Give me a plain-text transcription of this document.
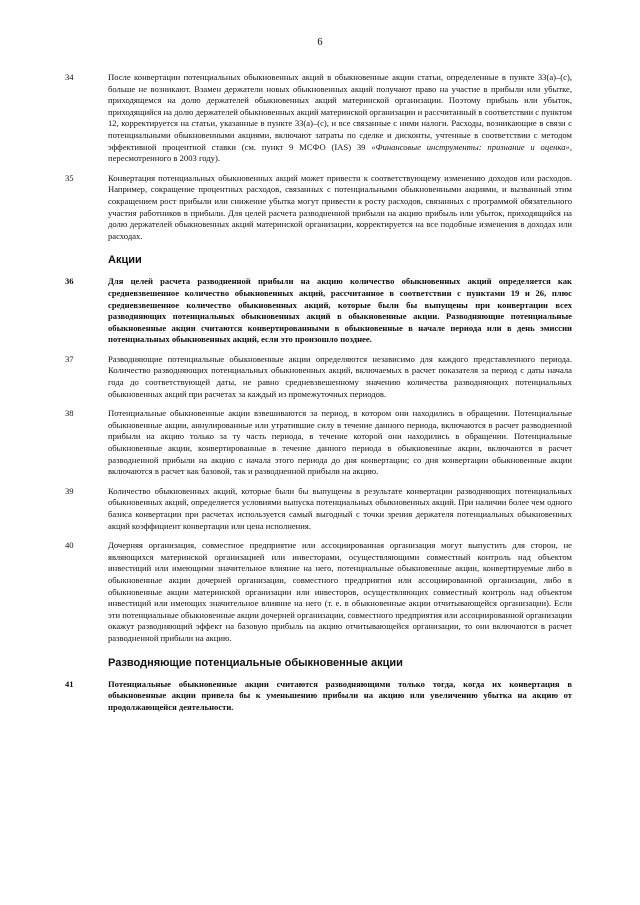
6
34	После конвертации потенциальных обыкновенных акций в обыкновенные акции статьи, определенные в пункте 33(а)–(с), больше не возникают. Взамен держатели новых обыкновенных акций получают право на участие в прибыли или убытке, приходящемся на долю держателей обыкновенных акций материнской организации. Поэтому прибыль или убыток, приходящийся на долю держателей обыкновенных акций материнской организации и рассчитанный в соответствии с пунктом 12, корректируется на статьи, указанные в пункте 33(а)–(с), и все связанные с ними налоги. Расходы, возникающие в связи с потенциальными обыкновенными акциями, включают затраты по сделке и дисконты, учтенные в соответствии с методом эффективной процентной ставки (см. пункт 9 МСФО (IAS) 39 «Финансовые инструменты: признание и оценка», пересмотренного в 2003 году).
35	Конвертация потенциальных обыкновенных акций может привести к соответствующему изменению доходов или расходов. Например, сокращение процентных расходов, связанных с потенциальными обыкновенными акциями, и вызванный этим сокращением рост прибыли или снижение убытка могут привести к росту расходов, связанных с программой обязательного участия работников в прибыли. Для целей расчета разводненной прибыли на акцию прибыль или убыток, приходящийся на долю держателей обыкновенных акций материнской организации, корректируется на все подобные изменения в доходах или расходах.
Акции
36	Для целей расчета разводненной прибыли на акцию количество обыкновенных акций определяется как средневзвешенное количество обыкновенных акций, рассчитанное в соответствии с пунктами 19 и 26, плюс средневзвешенное количество обыкновенных акций, которые были бы выпущены при конвертации всех разводняющих потенциальных обыкновенных акций в обыкновенные акции. Разводняющие потенциальные обыкновенные акции считаются конвертированными в обыкновенные в начале периода или в день эмиссии потенциальных обыкновенных акций, если это произошло позднее.
37	Разводняющие потенциальные обыкновенные акции определяются независимо для каждого представленного периода. Количество разводняющих потенциальных обыкновенных акций, включаемых в расчет показателя за период с даты начала года до соответствующей даты, не равно средневзвешенному значению количества разводняющих потенциальных обыкновенных акций при расчетах за каждый из промежуточных периодов.
38	Потенциальные обыкновенные акции взвешиваются за период, в котором они находились в обращении. Потенциальные обыкновенные акции, аннулированные или утратившие силу в течение данного периода, включаются в расчет разводненной прибыли на акцию только за ту часть периода, в течение которой они находились в обращении. Потенциальные обыкновенные акции, конвертированные в течение данного периода в обыкновенные акции, включаются в расчет разводненной прибыли на акцию с начала этого периода до дня конвертации; со дня конвертации обыкновенные акции включаются в расчет как базовой, так и разводненной прибыли на акцию.
39	Количество обыкновенных акций, которые были бы выпущены в результате конвертации разводняющих потенциальных обыкновенных акций, определяется условиями выпуска потенциальных обыкновенных акций. При наличии более чем одного базиса конвертации при расчетах используется самый выгодный с точки зрения держателя потенциальных обыкновенных акций коэффициент конвертации или цена исполнения.
40	Дочерняя организация, совместное предприятие или ассоциированная организация могут выпустить для сторон, не являющихся материнской организацией или инвесторами, осуществляющими совместный контроль над объектом инвестиций или имеющими значительное влияние на него, потенциальные обыкновенные акции, конвертируемые либо в обыкновенные акции дочерней организации, совместного предприятия или ассоциированной организации, либо в обыкновенные акции материнской организации или инвесторов, осуществляющих совместный контроль над объектом инвестиций или имеющих значительное влияние на него (т. е. в обыкновенные акции отчитывающейся организации). Если эти потенциальные обыкновенные акции дочерней организации, совместного предприятия или ассоциированной организации окажут разводняющий эффект на базовую прибыль на акцию отчитывающейся организации, то они включаются в расчет разводненной прибыли на акцию.
Разводняющие потенциальные обыкновенные акции
41	Потенциальные обыкновенные акции считаются разводняющими только тогда, когда их конвертация в обыкновенные акции привела бы к уменьшению прибыли на акцию или увеличению убытка на акцию от продолжающейся деятельности.
